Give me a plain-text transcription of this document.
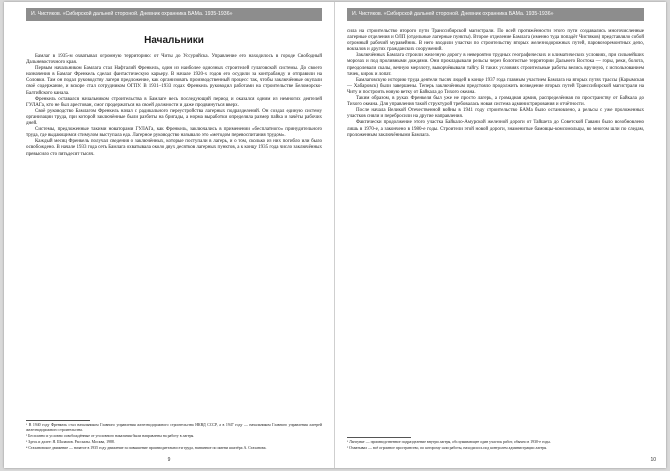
И. Чистяков. «Сибирской дальней стороной. Дневник охранника БАМа. 1935-1936»
Начальники

Бамлаг в 1935-м охватывал огромную территорию: от Читы до Уссурийска. Управление его находилось в городе Свободный Дальневосточного края.

Первым начальником Бамлага стал Нафталий Френкель, один из наиболее одиозных строителей гулаговской системы. До своего назначения в Бамлаг Френкель сделал фантастическую карьеру. В начале 1920-х годов его осудили за контрабанду и отправили на Соловки. Там он подал руководству лагеря предложение, как организовать производственный процесс так, чтобы заключённые окупали своё содержание, и вскоре стал сотрудником ОГПУ. В 1931–1933 годах Френкель руководил работами на строительстве Беломорско-Балтийского канала.

Френкель оставался начальником строительства в Бамлаге весь последующий период и оказался одним из немногих деятелей ГУЛАГа, кто не был арестован, смог продержаться на своей должности и даже продвинуться вверх.

Своё руководство Бамлагом Френкель начал с радикального переустройства лагерных подразделений. Он создал единую систему организации труда, при которой заключённые были разбиты на бригады, а норма выработки определяла размер пайка и зачёты рабочих дней.

Системы, предложенные такими новаторами ГУЛАГа, как Френкель, заключались в применении «бесплатного» принудительного труда, где выдающимся стимулом выступала еда. Лагерное руководство называло это «методом перевоспитания трудом».

Каждый месяц Френкель получал сведения о заключённых, которые поступали в лагерь, и о том, сколько из них погибло или было освобождено. В начале 1933 года сеть Бамлага охватывала около двух десятков лагерных пунктов, а к концу 1935 года число заключённых превысило сто пятьдесят тысяч.

¹ В 1940 году Френкель стал начальником Главного управления железнодорожного строительства НКВД СССР, а в 1947 году — начальником Главного управления лагерей железнодорожного строительства.

² Бесплатно и условно освобождённые от уголовного наказания были направлены на работу в лагеря.

³ Здесь и далее: Я. Шаламов. Рассказы. Москва, 1988.

⁴ Стахановское движение — начатое в 1935 году движение за повышение производительности труда, названное по имени шахтёра А. Стаханова.

9
И. Чистяков. «Сибирской дальней стороной. Дневник охранника БАМа. 1935-1936»

сила на строительство второго пути Транссибирской магистрали. По всей протяжённости этого пути создавались многочисленные лагерные отделения и ОЛП (отдельные лагерные пункты). Второе отделение Бамлага (именно туда попадёт Чистяков) представляло собой огромный рабочий муравейник. В него входили участки по строительству вторых железнодорожных путей, паровозоремонтных депо, вокзалов и других гражданских сооружений.

Заключённых Бамлага строили железную дорогу в невероятно трудных географических и климатических условиях, при сильнейших морозах и под проливными дождями. Они прокладывали рельсы через болотистые территории Дальнего Востока — горы, реки, болота, преодолевали скалы, вечную мерзлоту, выкорчёвывали тайгу. В таких условиях строительные работы велись вручную, с использованием тачек, кирок и лопат.

Бамлаговскую историю труда деятели тысяч людей в конце 1937 года главным участием Бамлага на вторых путях трассы (Карымская — Хабаровск) были завершены. Теперь заключённым предстояло продолжить возведение вторых путей Транссибирской магистрали на Читу и построить новую ветку от Байкала до Тихого океана.

Таким образом, в руках Френкеля был уже не просто лагерь, а громадная армия, распределённая по пространству от Байкала до Тихого океана. Для управления такой структурой требовалась новая система администрирования и отчётности.

После начала Великой Отечественной войны в 1941 году строительство БАМа было остановлено, а рельсы с уже проложенных участков сняли и перебросили на другие направления.

Фактически продолжение этого участка Байкало-Амурской железной дороги от Тайшета до Советской Гавани было возобновлено лишь в 1970-е, а закончено в 1980-е годы. Строители этой новой дороги, знаменитые бамовцы-комсомольцы, во многом шли по следам, проложенным заключёнными Бамлага.

¹ Лагпункт — производственное подразделение внутри лагеря, обслуживающее один участок работ, обычно в 1930-е годы.

² Охватывал — всё огромное пространство, по которому шли работы, находилось под контролем администрации лагеря.

10
